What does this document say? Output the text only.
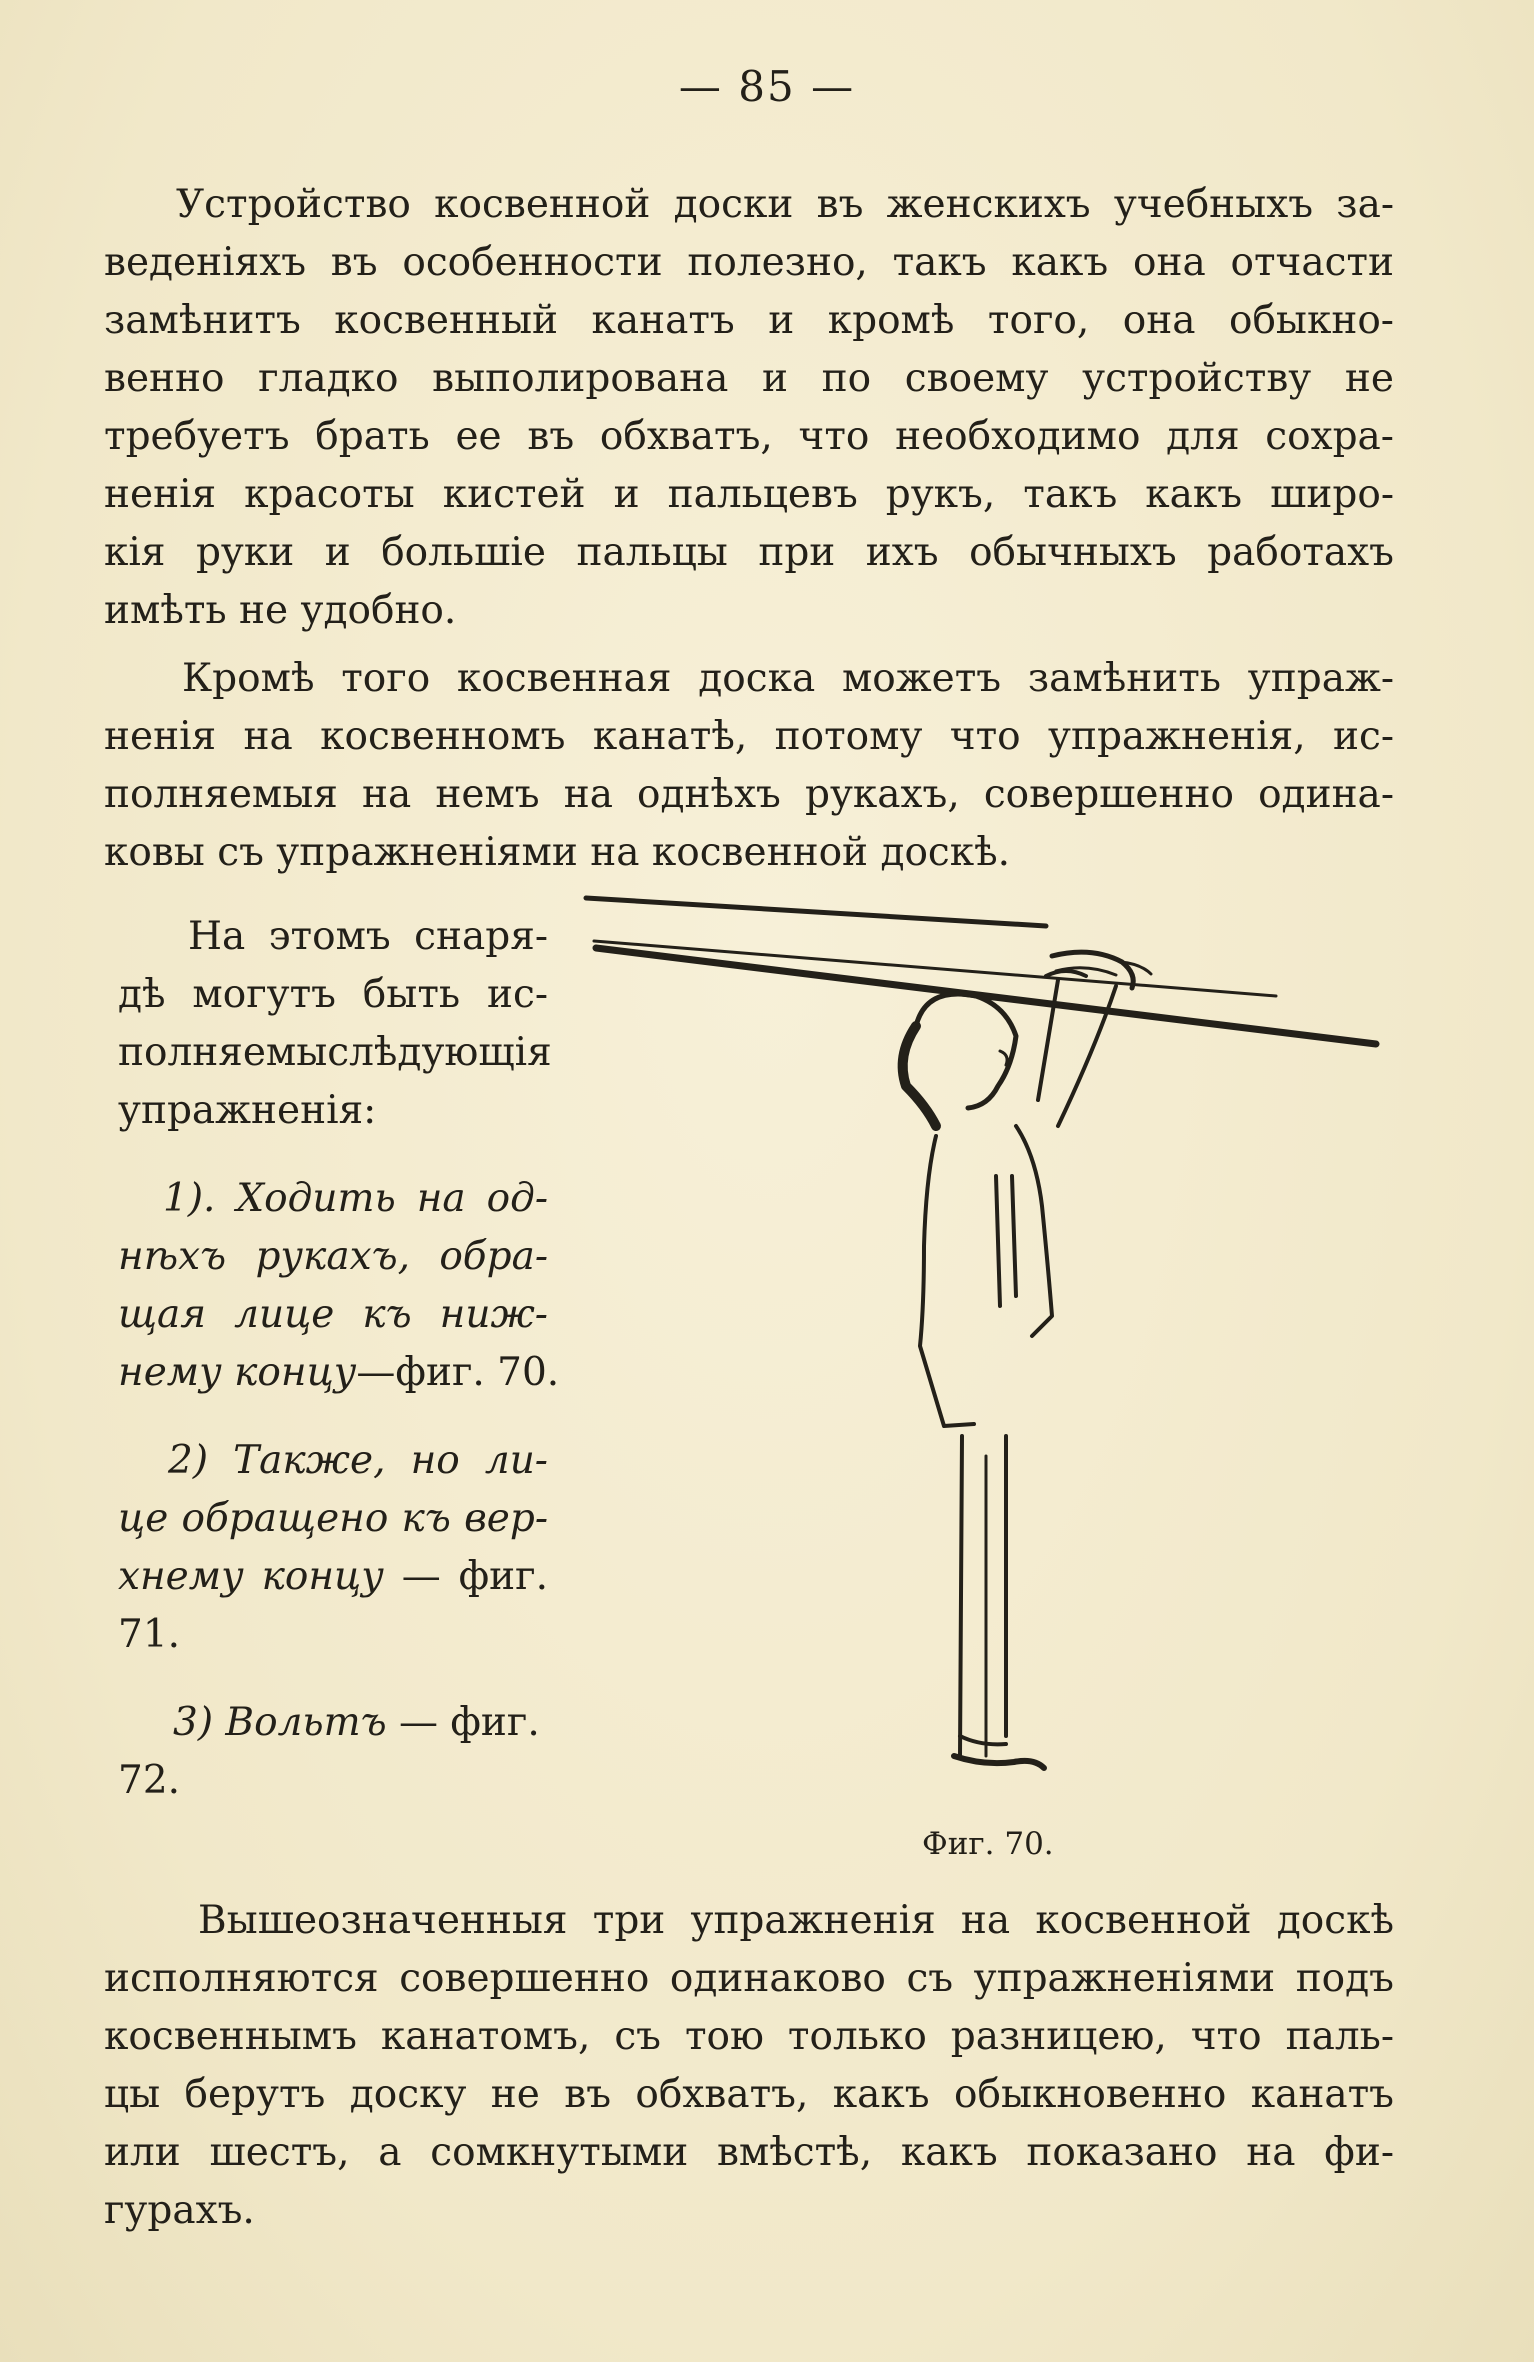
— 85 —
Устройство косвенной доски въ женскихъ учебныхъ за-
веденіяхъ въ особенности полезно, такъ какъ она отчасти
замѣнитъ косвенный канатъ и кромѣ того, она обыкно-
венно гладко выполирована и по своему устройству не
требуетъ брать ее въ обхватъ, что необходимо для сохра-
ненія красоты кистей и пальцевъ рукъ, такъ какъ широ-
кія руки и большіе пальцы при ихъ обычныхъ работахъ
имѣть не удобно.
Кромѣ того косвенная доска можетъ замѣнить упраж-
ненія на косвенномъ канатѣ, потому что упражненія, ис-
полняемыя на немъ на однѣхъ рукахъ, совершенно одина-
ковы съ упражненіями на косвенной доскѣ.
На этомъ снаря-
дѣ могутъ быть ис-
полняемыслѣдующія
упражненія:
1). Ходить на од-
нѣхъ рукахъ, обра-
щая лице къ ниж-
нему концу—фиг. 70.
2) Также, но ли-
це обращено къ вер-
хнему концу — фиг.
71.
3) Вольтъ — фиг.
72.
Фиг. 70.
Вышеозначенныя три упражненія на косвенной доскѣ
исполняются совершенно одинаково съ упражненіями подъ
косвеннымъ канатомъ, съ тою только разницею, что паль-
цы берутъ доску не въ обхватъ, какъ обыкновенно канатъ
или шестъ, а сомкнутыми вмѣстѣ, какъ показано на фи-
гурахъ.
